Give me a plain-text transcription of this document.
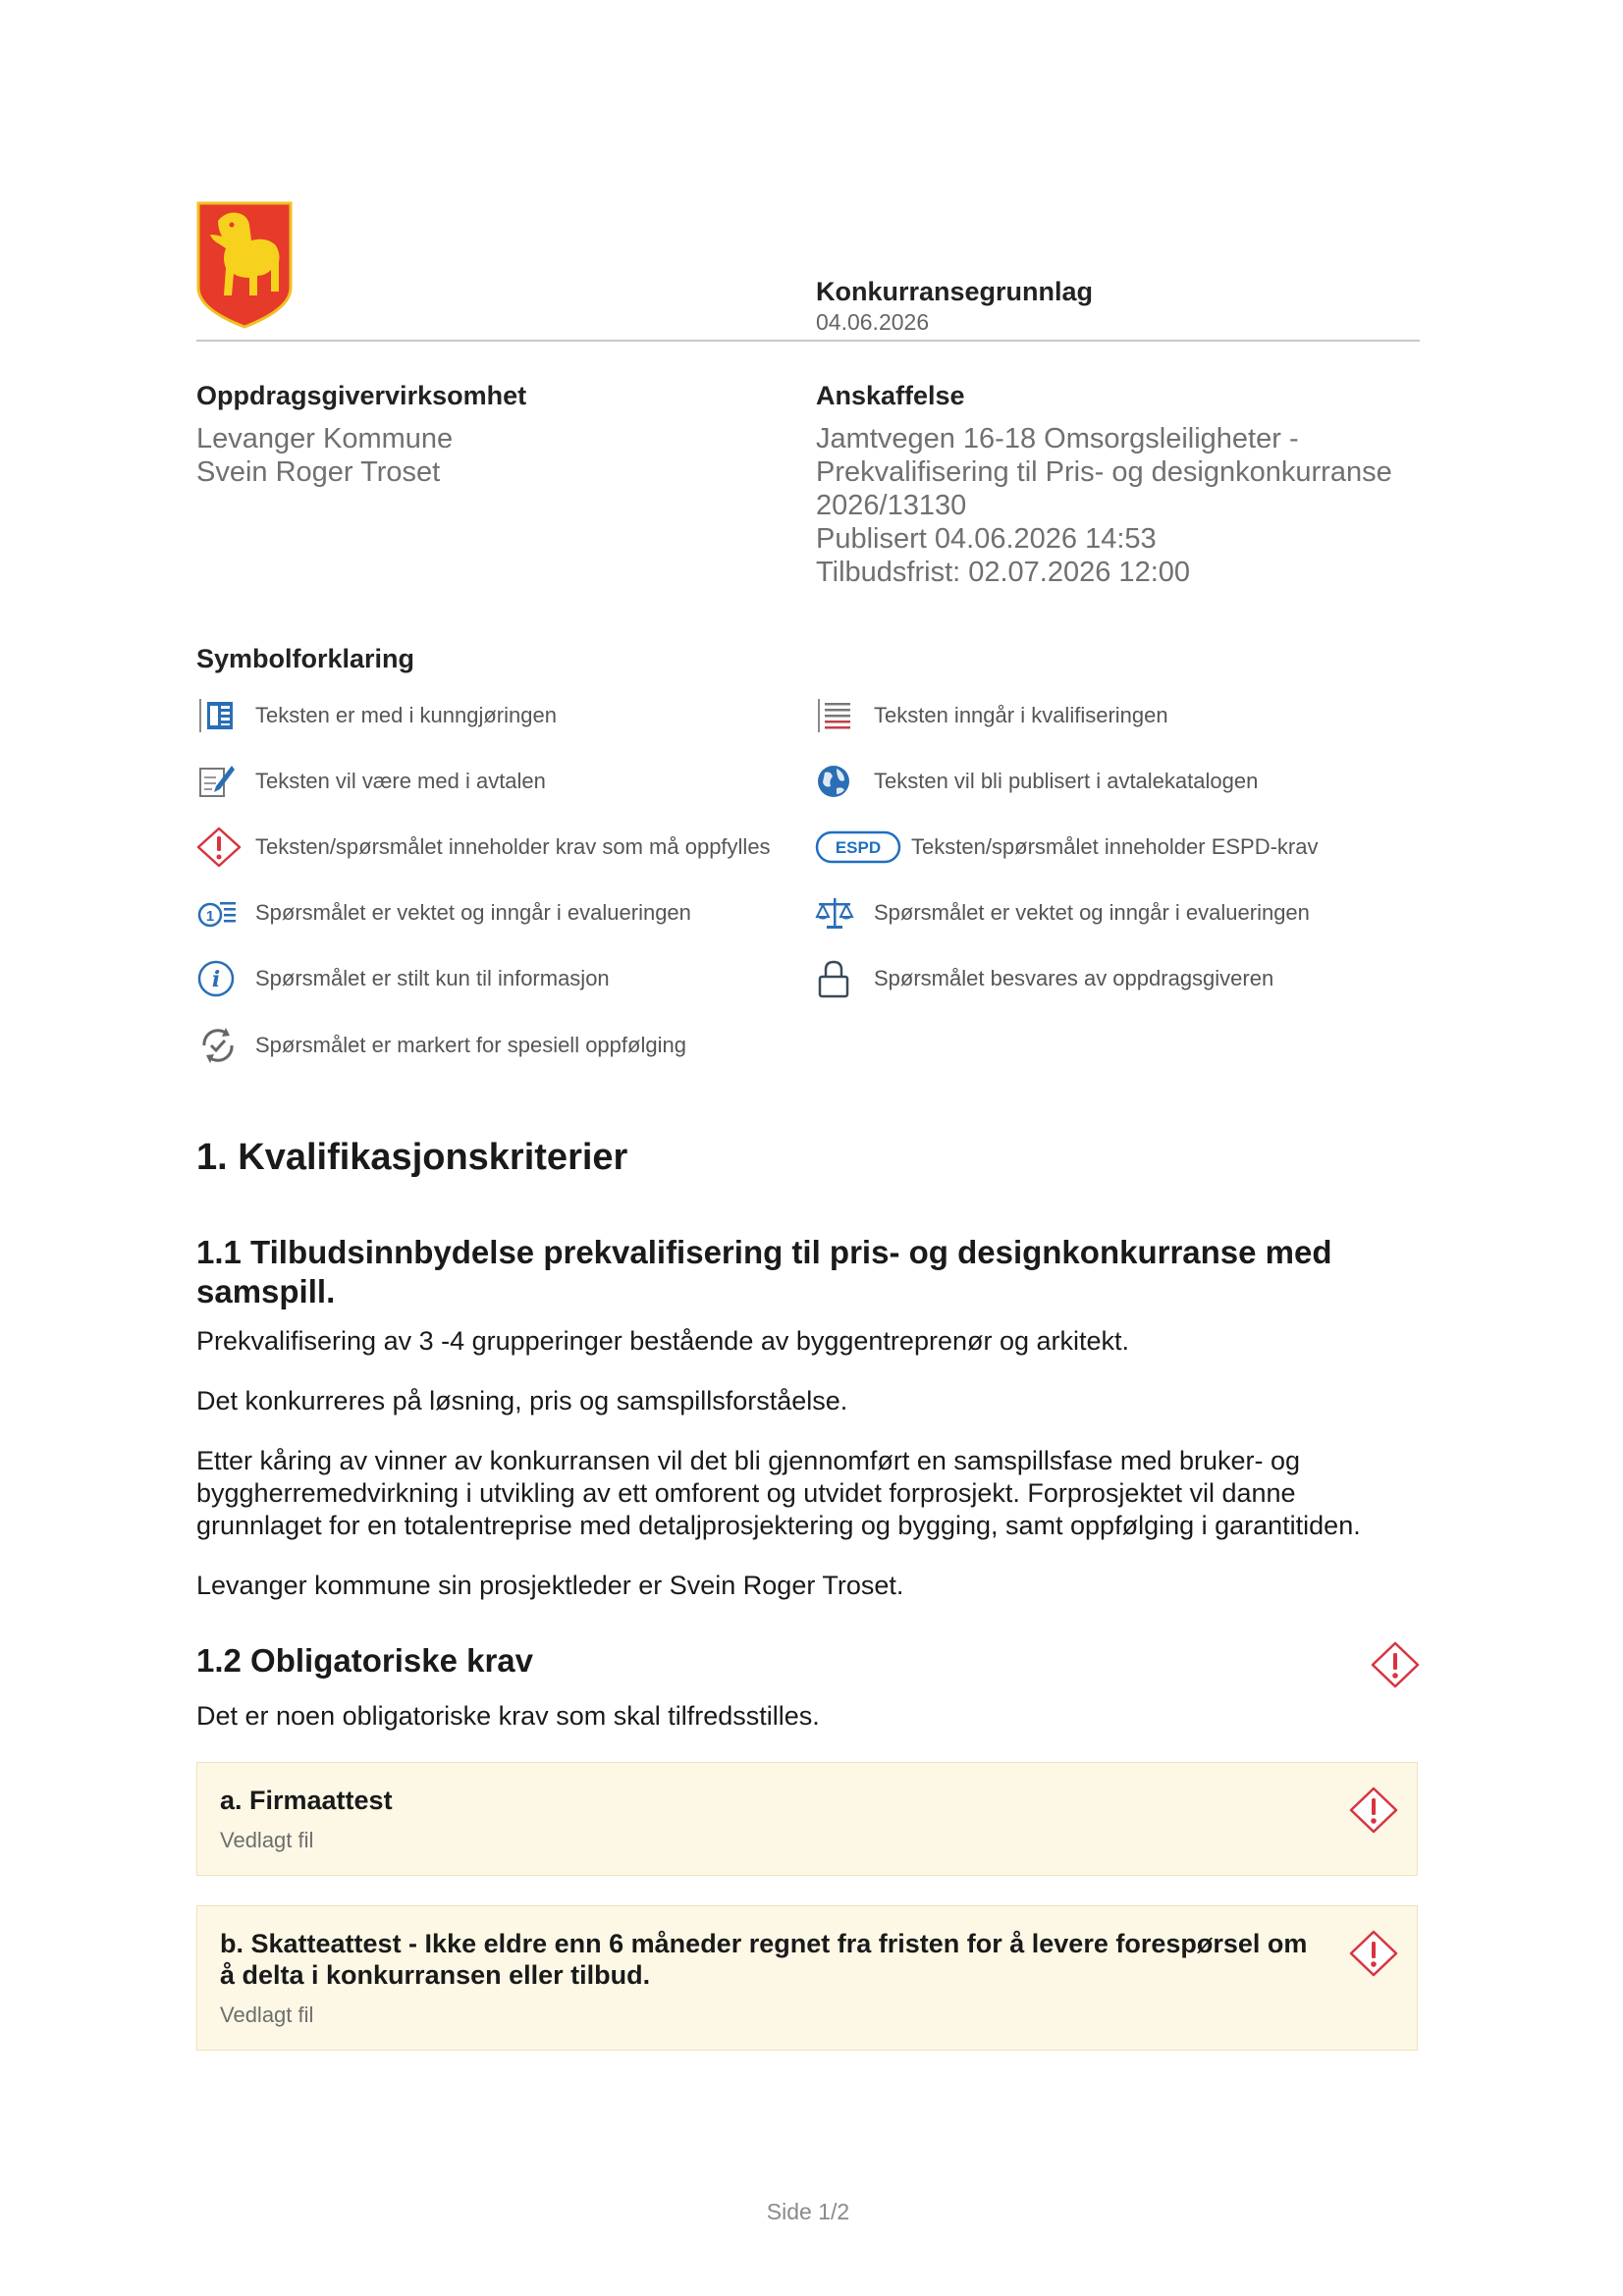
Konkurransegrunnlag
04.06.2026
Oppdragsgivervirksomhet
Levanger Kommune
Svein Roger Troset
Anskaffelse
Jamtvegen 16-18 Omsorgsleiligheter -
Prekvalifisering til Pris- og designkonkurranse
2026/13130
Publisert 04.06.2026 14:53
Tilbudsfrist: 02.07.2026 12:00
Symbolforklaring
Teksten er med i kunngjøringen	Teksten inngår i kvalifiseringen
Teksten vil være med i avtalen	Teksten vil bli publisert i avtalekatalogen
Teksten/spørsmålet inneholder krav som må oppfylles	ESPD Teksten/spørsmålet inneholder ESPD-krav
1 Spørsmålet er vektet og inngår i evalueringen	Spørsmålet er vektet og inngår i evalueringen
i Spørsmålet er stilt kun til informasjon	Spørsmålet besvares av oppdragsgiveren
Spørsmålet er markert for spesiell oppfølging
1. Kvalifikasjonskriterier
1.1 Tilbudsinnbydelse prekvalifisering til pris- og designkonkurranse med samspill.

Prekvalifisering av 3 -4 grupperinger bestående av byggentreprenør og arkitekt.

Det konkurreres på løsning, pris og samspillsforståelse.

Etter kåring av vinner av konkurransen vil det bli gjennomført en samspillsfase med bruker- og byggherremedvirkning i utvikling av ett omforent og utvidet forprosjekt. Forprosjektet vil danne grunnlaget for en totalentreprise med detaljprosjektering og bygging, samt oppfølging i garantitiden.

Levanger kommune sin prosjektleder er Svein Roger Troset.

1.2 Obligatoriske krav
Det er noen obligatoriske krav som skal tilfredsstilles.
a. Firmaattest
Vedlagt fil
b. Skatteattest - Ikke eldre enn 6 måneder regnet fra fristen for å levere forespørsel om å delta i konkurransen eller tilbud.
Vedlagt fil
Side 1/2
